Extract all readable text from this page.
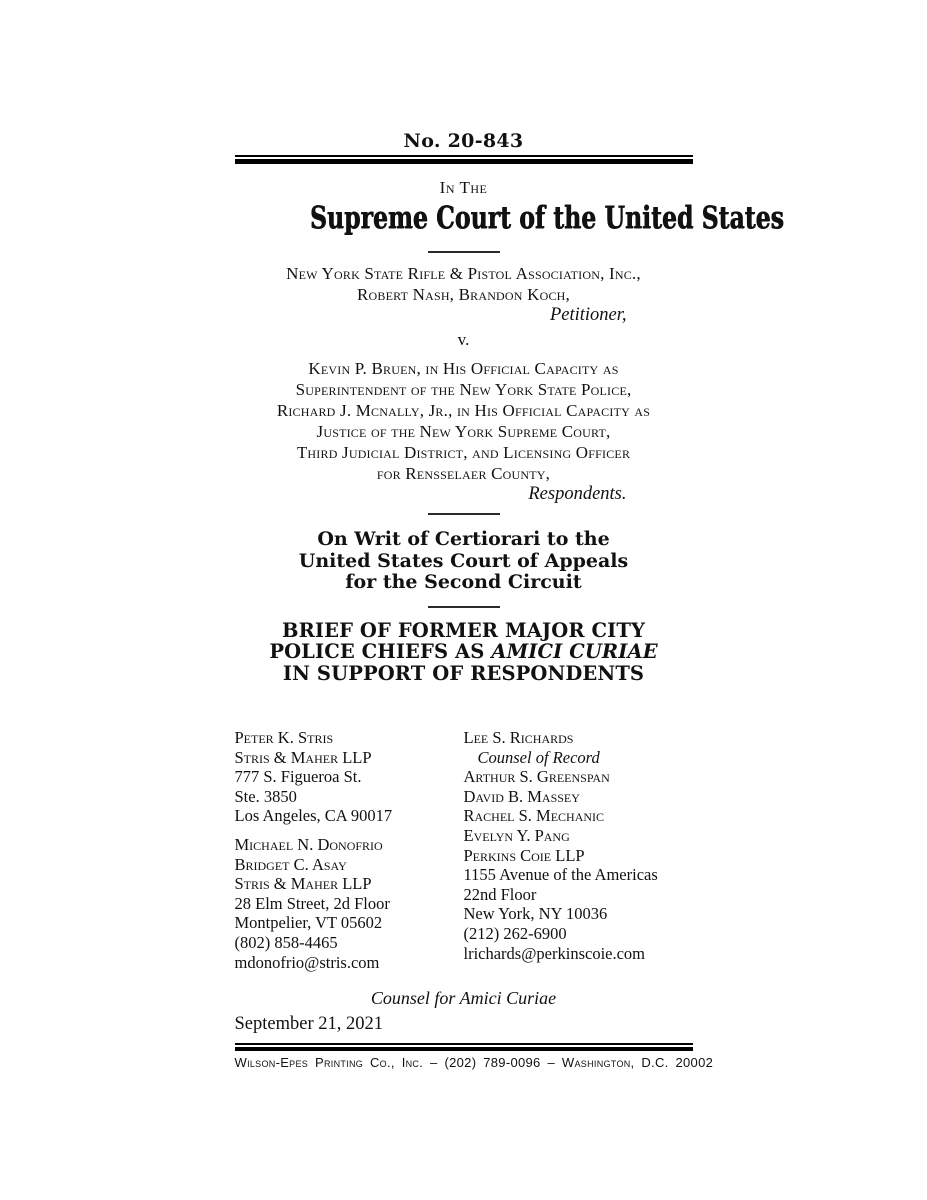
No. 20-843
In The
Supreme Court of the United States
New York State Rifle & Pistol Association, Inc.,
Robert Nash, Brandon Koch,
Petitioner,
v.
Kevin P. Bruen, in His Official Capacity as
Superintendent of the New York State Police,
Richard J. Mcnally, Jr., in His Official Capacity as
Justice of the New York Supreme Court,
Third Judicial District, and Licensing Officer
for Rensselaer County,
Respondents.
On Writ of Certiorari to the
United States Court of Appeals
for the Second Circuit
BRIEF OF FORMER MAJOR CITY
POLICE CHIEFS AS AMICI CURIAE
IN SUPPORT OF RESPONDENTS
Peter K. Stris
Stris & Maher LLP
777 S. Figueroa St.
Ste. 3850
Los Angeles, CA 90017
Michael N. Donofrio
Bridget C. Asay
Stris & Maher LLP
28 Elm Street, 2d Floor
Montpelier, VT 05602
(802) 858-4465
mdonofrio@stris.com
Lee S. Richards
Counsel of Record
Arthur S. Greenspan
David B. Massey
Rachel S. Mechanic
Evelyn Y. Pang
Perkins Coie LLP
1155 Avenue of the Americas
22nd Floor
New York, NY 10036
(212) 262-6900
lrichards@perkinscoie.com
Counsel for Amici Curiae
September 21, 2021
Wilson-Epes Printing Co., Inc. – (202) 789-0096 – Washington, D.C. 20002
